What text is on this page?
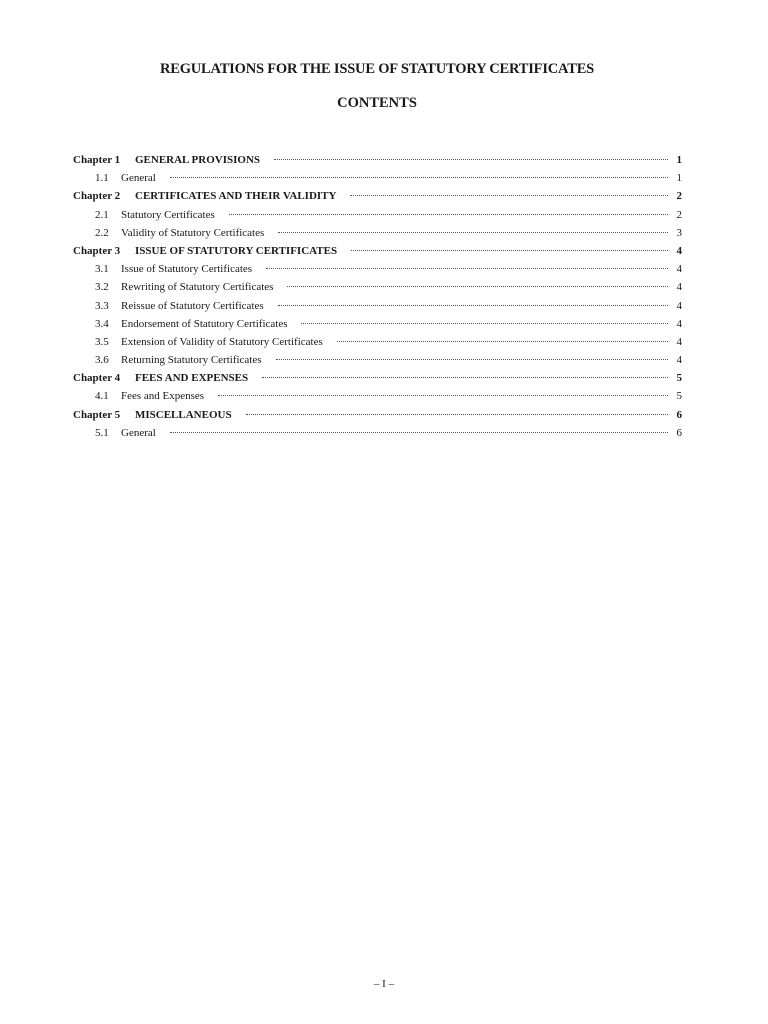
REGULATIONS FOR THE ISSUE OF STATUTORY CERTIFICATES
CONTENTS
Chapter 1	GENERAL PROVISIONS	1
1.1	General	1
Chapter 2	CERTIFICATES AND THEIR VALIDITY	2
2.1	Statutory Certificates	2
2.2	Validity of Statutory Certificates	3
Chapter 3	ISSUE OF STATUTORY CERTIFICATES	4
3.1	Issue of Statutory Certificates	4
3.2	Rewriting of Statutory Certificates	4
3.3	Reissue of Statutory Certificates	4
3.4	Endorsement of Statutory Certificates	4
3.5	Extension of Validity of Statutory Certificates	4
3.6	Returning Statutory Certificates	4
Chapter 4	FEES AND EXPENSES	5
4.1	Fees and Expenses	5
Chapter 5	MISCELLANEOUS	6
5.1	General	6
– I –
